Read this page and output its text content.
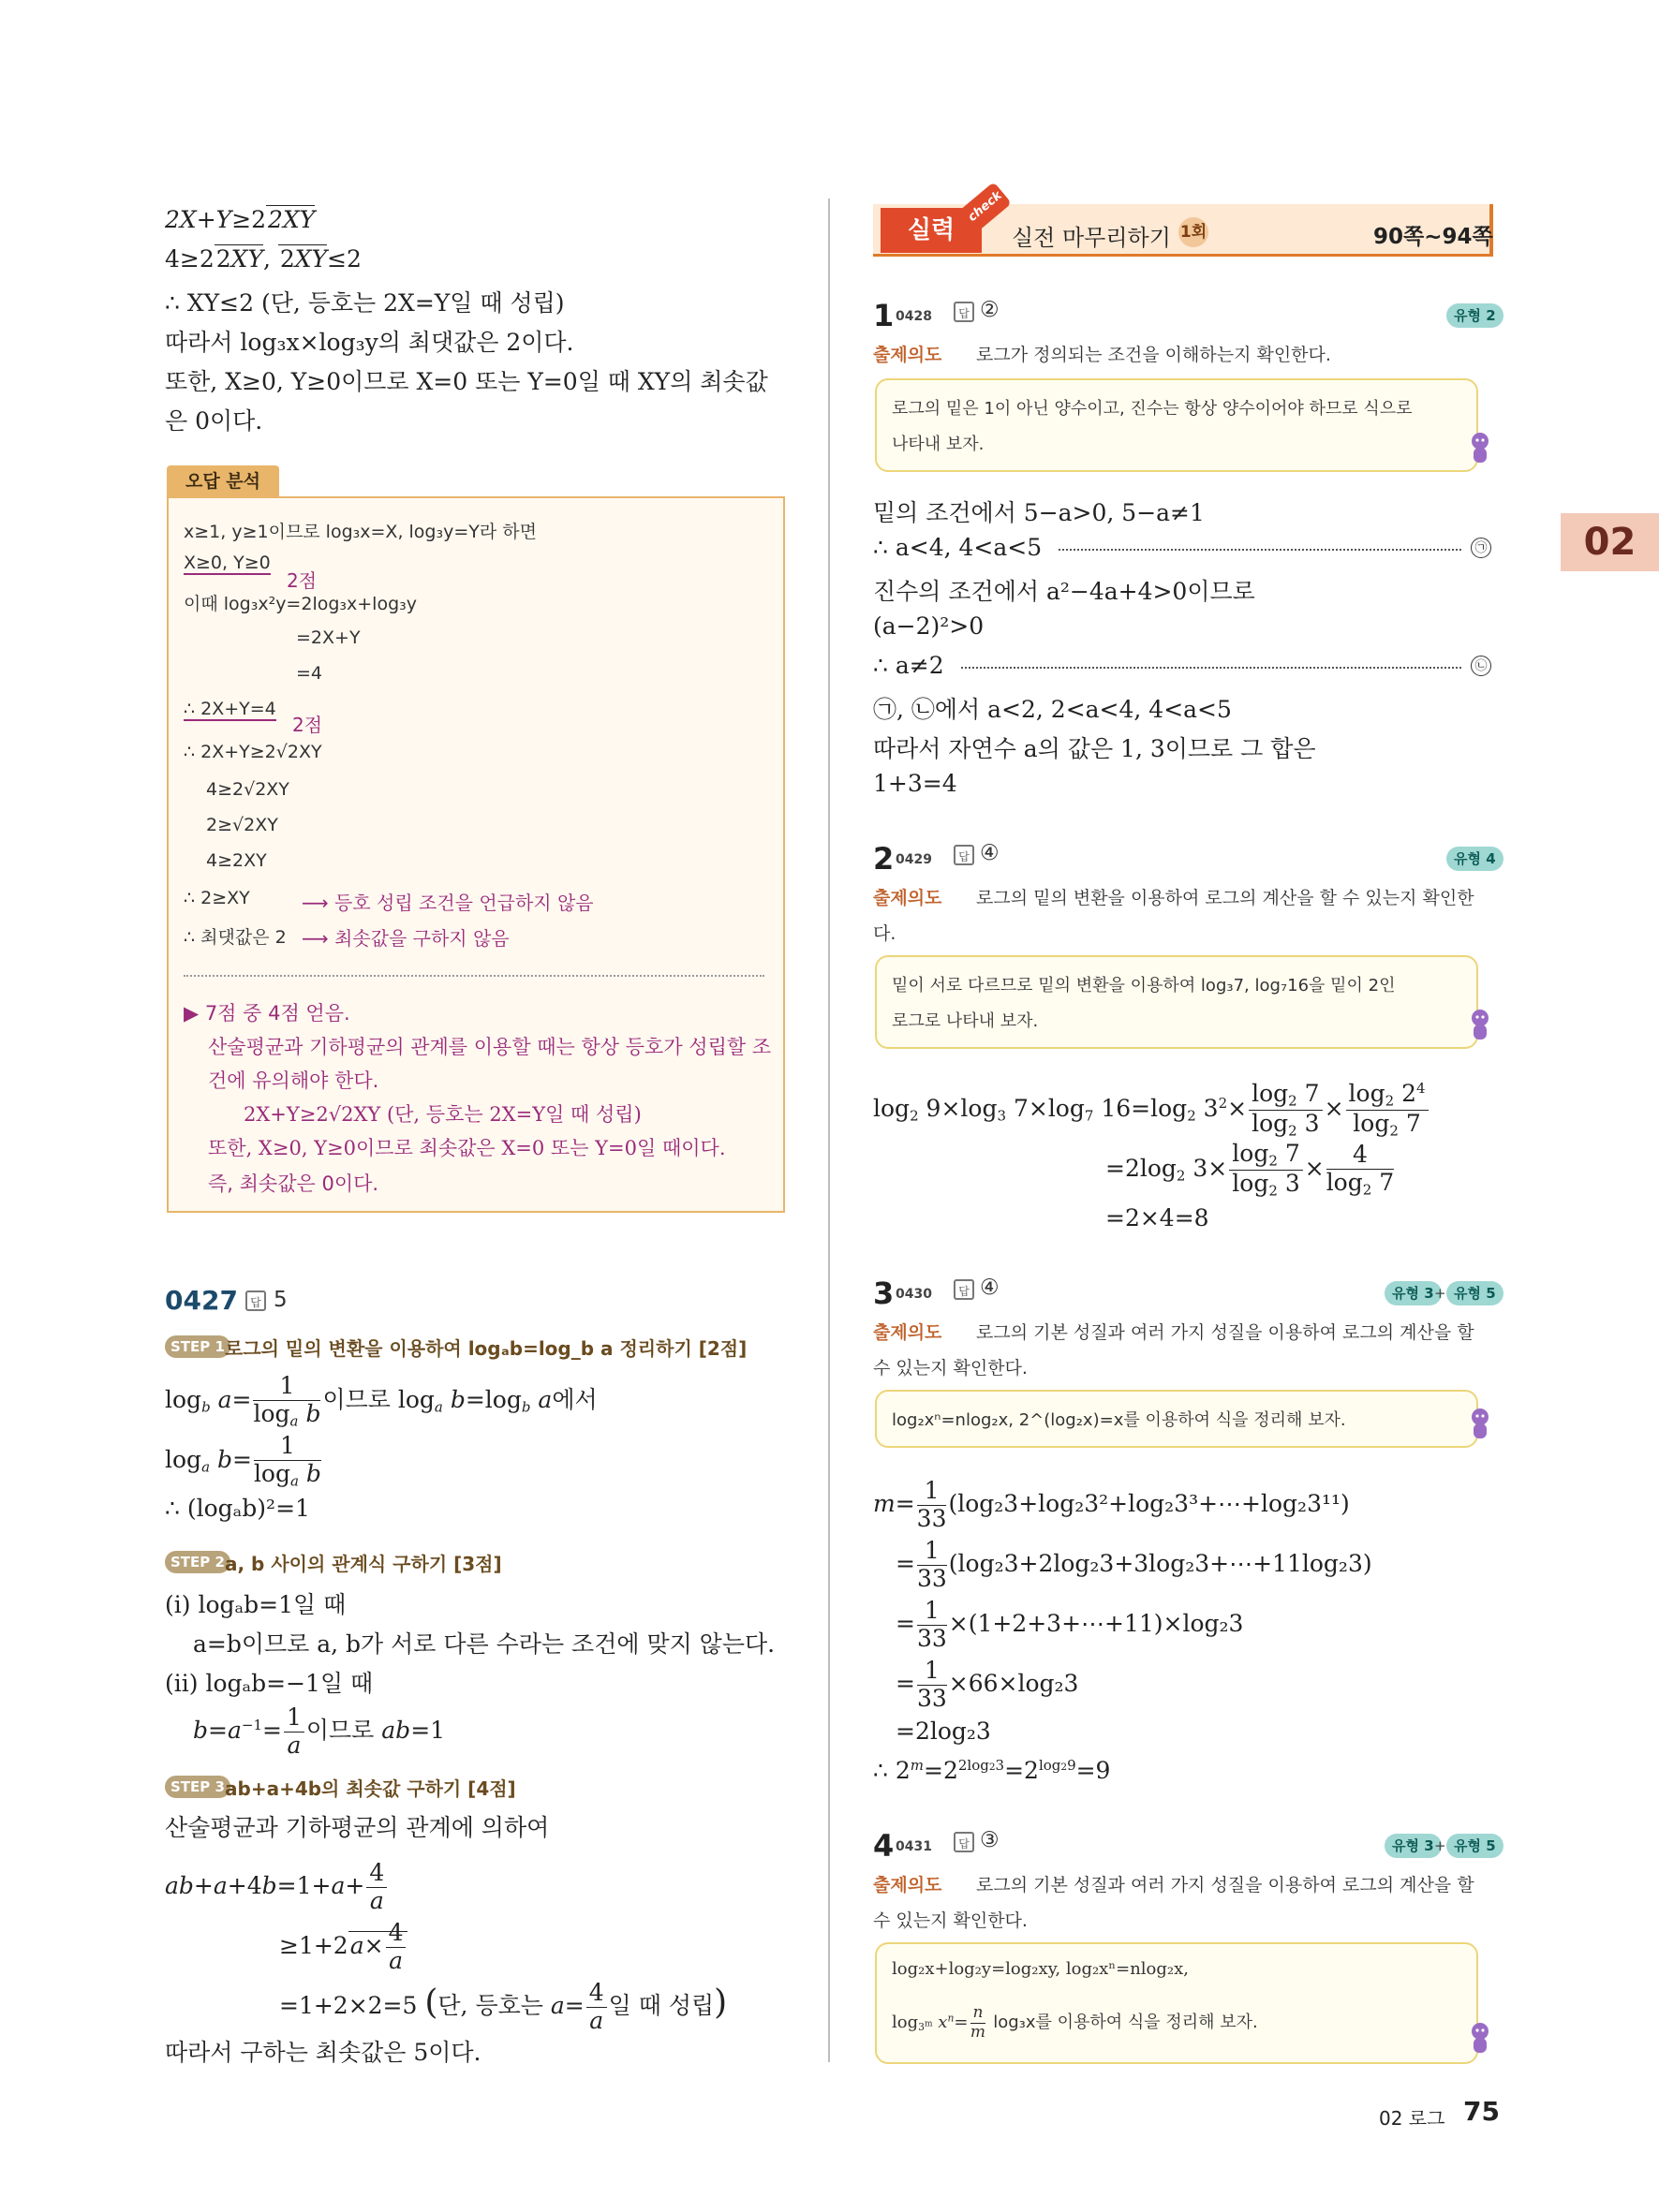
2X+Y≥22XY
4≥22XY, 2XY≤2
∴ XY≤2 (단, 등호는 2X=Y일 때 성립)
따라서 log₃x×log₃y의 최댓값은 2이다.
또한, X≥0, Y≥0이므로 X=0 또는 Y=0일 때 XY의 최솟값
은 0이다.
오답 분석
x≥1, y≥1이므로 log₃x=X, log₃y=Y라 하면
X≥0, Y≥0
2점
이때 log₃x²y=2log₃x+log₃y
=2X+Y
=4
∴ 2X+Y=4
2점
∴ 2X+Y≥2√2XY
4≥2√2XY
2≥√2XY
4≥2XY
∴ 2≥XY	⟶ 등호 성립 조건을 언급하지 않음
∴ 최댓값은 2 ⟶ 최솟값을 구하지 않음
▶ 7점 중 4점 얻음.
산술평균과 기하평균의 관계를 이용할 때는 항상 등호가 성립할 조
건에 유의해야 한다.
2X+Y≥2√2XY (단, 등호는 2X=Y일 때 성립)
또한, X≥0, Y≥0이므로 최솟값은 X=0 또는 Y=0일 때이다.
즉, 최솟값은 0이다.
0427	답 5
STEP 1 로그의 밑의 변환을 이용하여 logₐb=log_b a 정리하기 [2점]
$\log_b a= \frac{1}{\log_a b}$ 이므로 $\log_a b=\log_b$ a에서
$\log_a b= \frac{1}{\log_a b}$
∴ (logₐb)²=1
STEP 2 a, b 사이의 관계식 구하기 [3점]
(ⅰ) logₐb=1일 때
a=b이므로 a, b가 서로 다른 수라는 조건에 맞지 않는다.
(ⅱ) logₐb=−1일 때
$b=a^{-1}= \frac{1}{a}$ 이므로 ab=1
STEP 3 ab+a+4b의 최솟값 구하기 [4점]
산술평균과 기하평균의 관계에 의하여
$ab+a+4b=1+a+ \frac{4}{a}$
$\ge 1+2a\times \frac{4}{a}$
=1+2×2=5 (단, 등호는 $a= \frac{4}{a}$ 일 때 성립)
따라서 구하는 최솟값은 5이다.
실력
check
실전 마무리하기 1회	90쪽~94쪽
1 0428	답 ②	유형 2
출제의도 로그가 정의되는 조건을 이해하는지 확인한다.
로그의 밑은 1이 아닌 양수이고, 진수는 항상 양수이어야 하므로 식으로
나타내 보자.
밑의 조건에서 5−a>0, 5−a≠1
∴ a<4, 4<a<5	㉠
진수의 조건에서 a²−4a+4>0이므로
(a−2)²>0
∴ a≠2	㉡
㉠, ㉡에서 a<2, 2<a<4, 4<a<5
따라서 자연수 a의 값은 1, 3이므로 그 합은
1+3=4
2 0429	답 ④	유형 4
출제의도 로그의 밑의 변환을 이용하여 로그의 계산을 할 수 있는지 확인한
다.
밑이 서로 다르므로 밑의 변환을 이용하여 log₃7, log₇16을 밑이 2인
로그로 나타내 보자.
$\log_2 9\times\log_3$ $7\times\log_7$ $16=\log_2$ $3^2\times \frac{\log_2 7}{\log_2 3} \times \frac{\log_2 2^4}{\log_2 7}$
$=2\log_2$ $3\times \frac{\log_2 7}{\log_2 3} \times \frac{4}{\log_2 7}$
=2×4=8
3 0430	답 ④	유형 3 + 유형 5
출제의도 로그의 기본 성질과 여러 가지 성질을 이용하여 로그의 계산을 할
수 있는지 확인한다.
log₂xⁿ=nlog₂x, 2^(log₂x)=x를 이용하여 식을 정리해 보자.
$m= \frac{1}{33}$ (log₂3+log₂3²+log₂3³+⋯+log₂3¹¹)
= $\frac{1}{33}$ (log₂3+2log₂3+3log₂3+⋯+11log₂3)
= $\frac{1}{33}$ ×(1+2+3+⋯+11)×log₂3
= $\frac{1}{33} \times 66\times\log_23$
=2log₂3
∴ $2^m=2^{2log23}=2^{log29}=9$
4 0431	답 ③	유형 3 + 유형 5
출제의도 로그의 기본 성질과 여러 가지 성질을 이용하여 로그의 계산을 할
수 있는지 확인한다.
log₂x+log₂y=log₂xy, log₂xⁿ=nlog₂x,
$\log_{3^m} x^n= \frac{n}{m} \log_3x$를 이용하여 식을 정리해 보자.
02
02 로그 75
